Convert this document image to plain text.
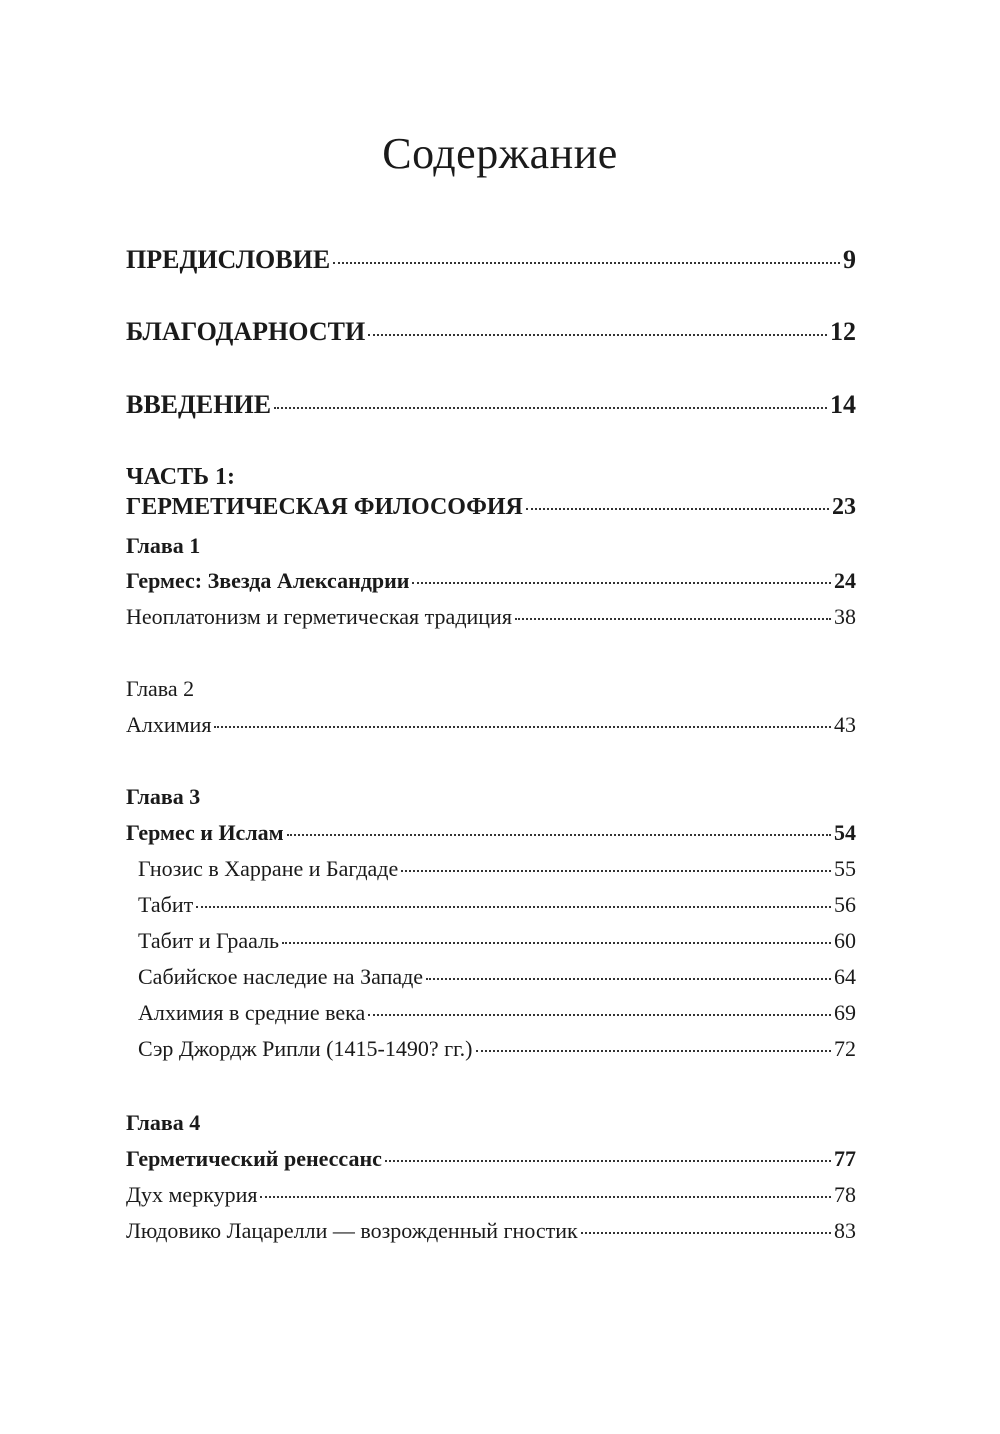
Содержание
ПРЕДИСЛОВИЕ	9
БЛАГОДАРНОСТИ	12
ВВЕДЕНИЕ	14
ЧАСТЬ 1:
ГЕРМЕТИЧЕСКАЯ ФИЛОСОФИЯ	23
Глава 1
Гермес: Звезда Александрии	24
Неоплатонизм и герметическая традиция	38
Глава 2
Алхимия	43
Глава 3
Гермес и Ислам	54
Гнозис в Харране и Багдаде	55
Табит	56
Табит и Грааль	60
Сабийское наследие на Западе	64
Алхимия в средние века	69
Сэр Джордж Рипли (1415-1490? гг.)	72
Глава 4
Герметический ренессанс	77
Дух меркурия	78
Людовико Лацарелли — возрожденный гностик	83
